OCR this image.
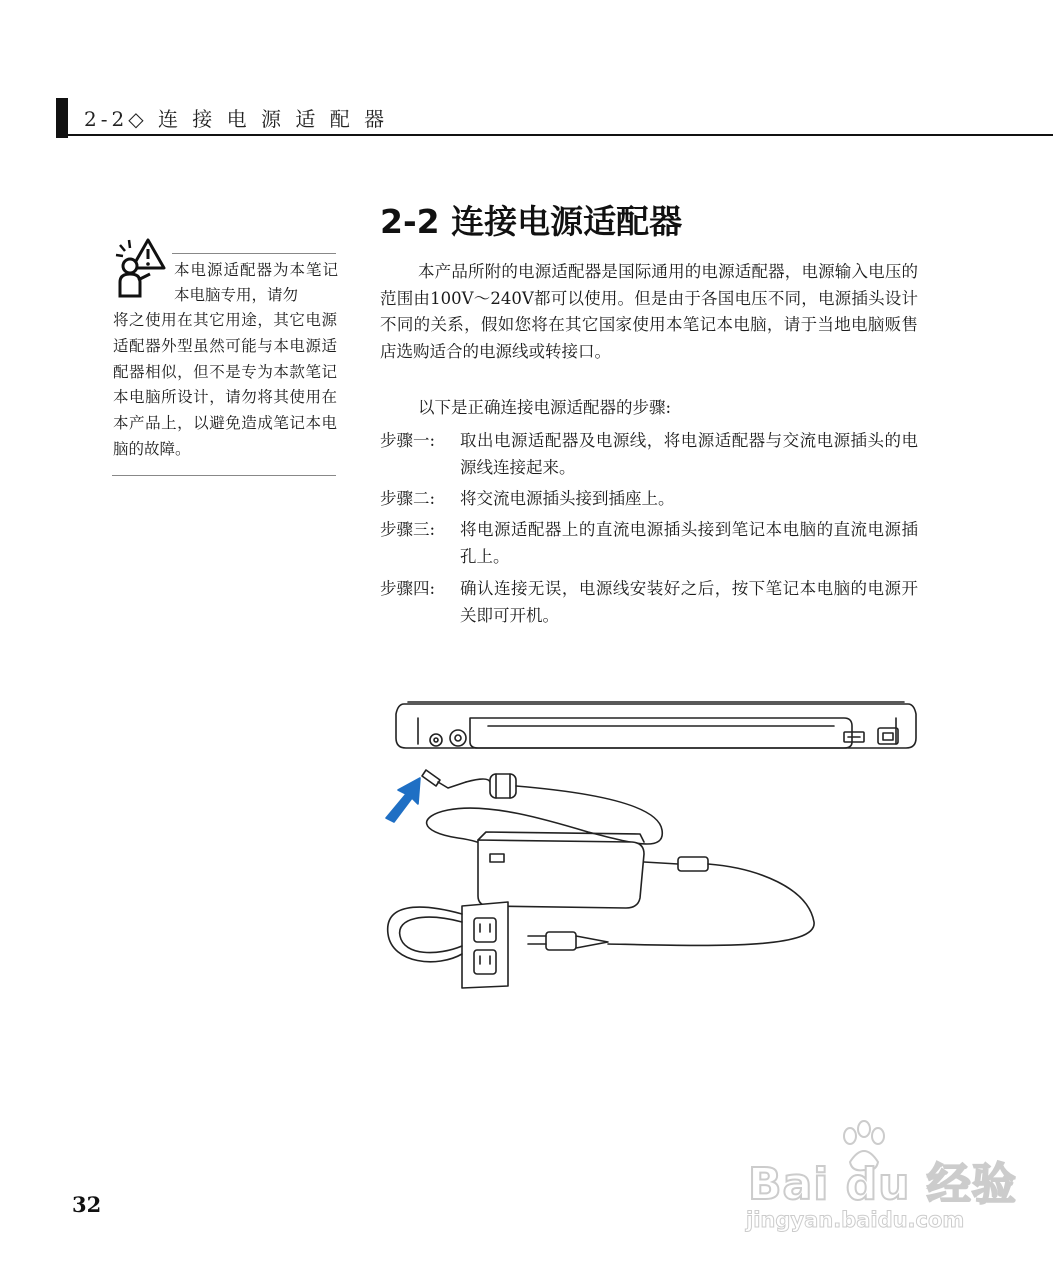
2-2◇ 连 接 电 源 适 配 器
本电源适配器为本笔记本电脑专用，请勿
将之使用在其它用途，其它电源适配器外型虽然可能与本电源适配器相似，但不是专为本款笔记本电脑所设计，请勿将其使用在本产品上，以避免造成笔记本电脑的故障。
2-2 连接电源适配器
本产品所附的电源适配器是国际通用的电源适配器，电源输入电压的范围由100V～240V都可以使用。但是由于各国电压不同，电源插头设计不同的关系，假如您将在其它国家使用本笔记本电脑，请于当地电脑贩售店选购适合的电源线或转接口。
以下是正确连接电源适配器的步骤:
步骤一: 取出电源适配器及电源线，将电源适配器与交流电源插头的电源线连接起来。
步骤二: 将交流电源插头接到插座上。
步骤三: 将电源适配器上的直流电源插头接到笔记本电脑的直流电源插孔上。
步骤四: 确认连接无误，电源线安装好之后，按下笔记本电脑的电源开关即可开机。
32	Bai du 经验
jingyan.baidu.com
